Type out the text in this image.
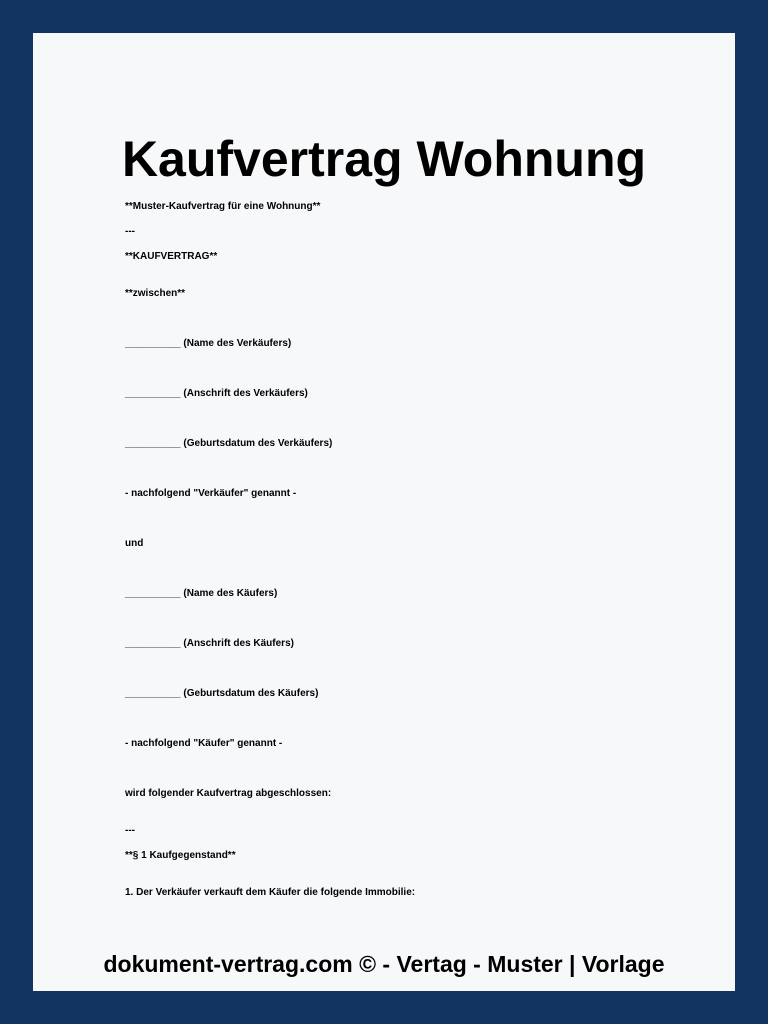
Kaufvertrag Wohnung
**Muster-Kaufvertrag für eine Wohnung**
---
**KAUFVERTRAG**
**zwischen**
__________ (Name des Verkäufers)
__________ (Anschrift des Verkäufers)
__________ (Geburtsdatum des Verkäufers)
- nachfolgend "Verkäufer" genannt -
und
__________ (Name des Käufers)
__________ (Anschrift des Käufers)
__________ (Geburtsdatum des Käufers)
- nachfolgend "Käufer" genannt -
wird folgender Kaufvertrag abgeschlossen:
---
**§ 1 Kaufgegenstand**
1. Der Verkäufer verkauft dem Käufer die folgende Immobilie:
dokument-vertrag.com © - Vertag - Muster | Vorlage
